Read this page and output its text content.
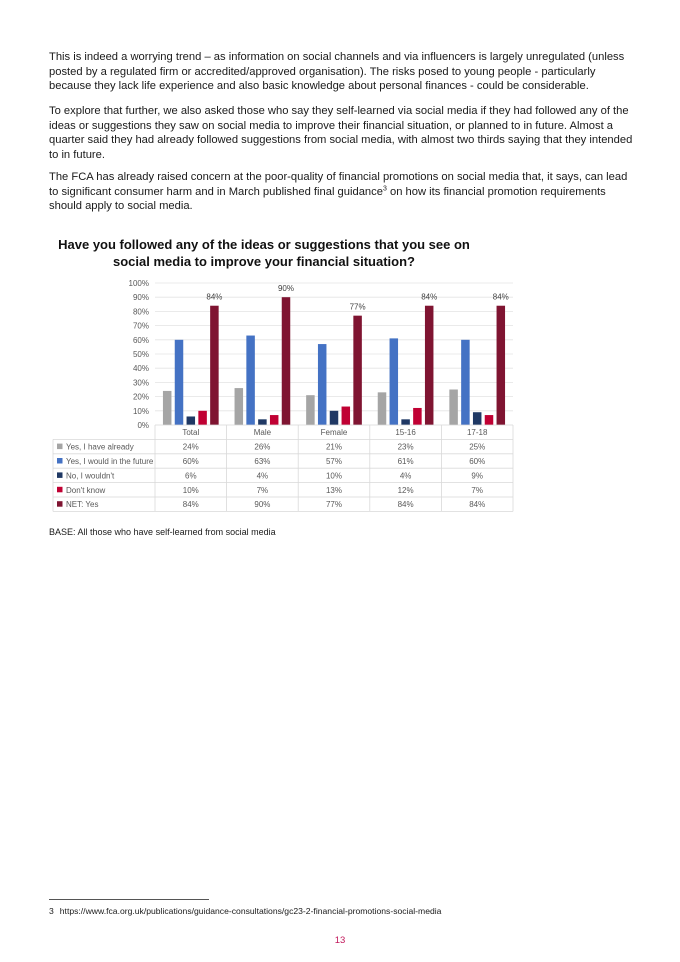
This is indeed a worrying trend – as information on social channels and via influencers is largely unregulated (unless posted by a regulated firm or accredited/approved organisation). The risks posed to young people - particularly because they lack life experience and also basic knowledge about personal finances - could be considerable.

To explore that further, we also asked those who say they self-learned via social media if they had followed any of the ideas or suggestions they saw on social media to improve their financial situation, or planned to in future. Almost a quarter said they had already followed suggestions from social media, with almost two thirds saying that they intended to in future.

The FCA has already raised concern at the poor-quality of financial promotions on social media that, it says, can lead to significant consumer harm and in March published final guidance$^3$ on how its financial promotion requirements should apply to social media.

Have you followed any of the ideas or suggestions that you see on social media to improve your financial situation?
0%
10%
20%
30%
40%
50%
60%
70%
80%
90%
100%
84%
90%
77%
84%	84%
Total	Male	Female	15-16	17-18
Yes, I have already	24%	26%	21%	23%	25%
Yes, I would in the future	60%	63%	57%	61%	60%
No, I wouldn't	6%	4%	10%	4%	9%
Don't know	10%	7%	13%	12%	7%
NET: Yes	84%	90%	77%	84%	84%

BASE: All those who have self-learned from social media

3 https://www.fca.org.uk/publications/guidance-consultations/gc23-2-financial-promotions-social-media

13
